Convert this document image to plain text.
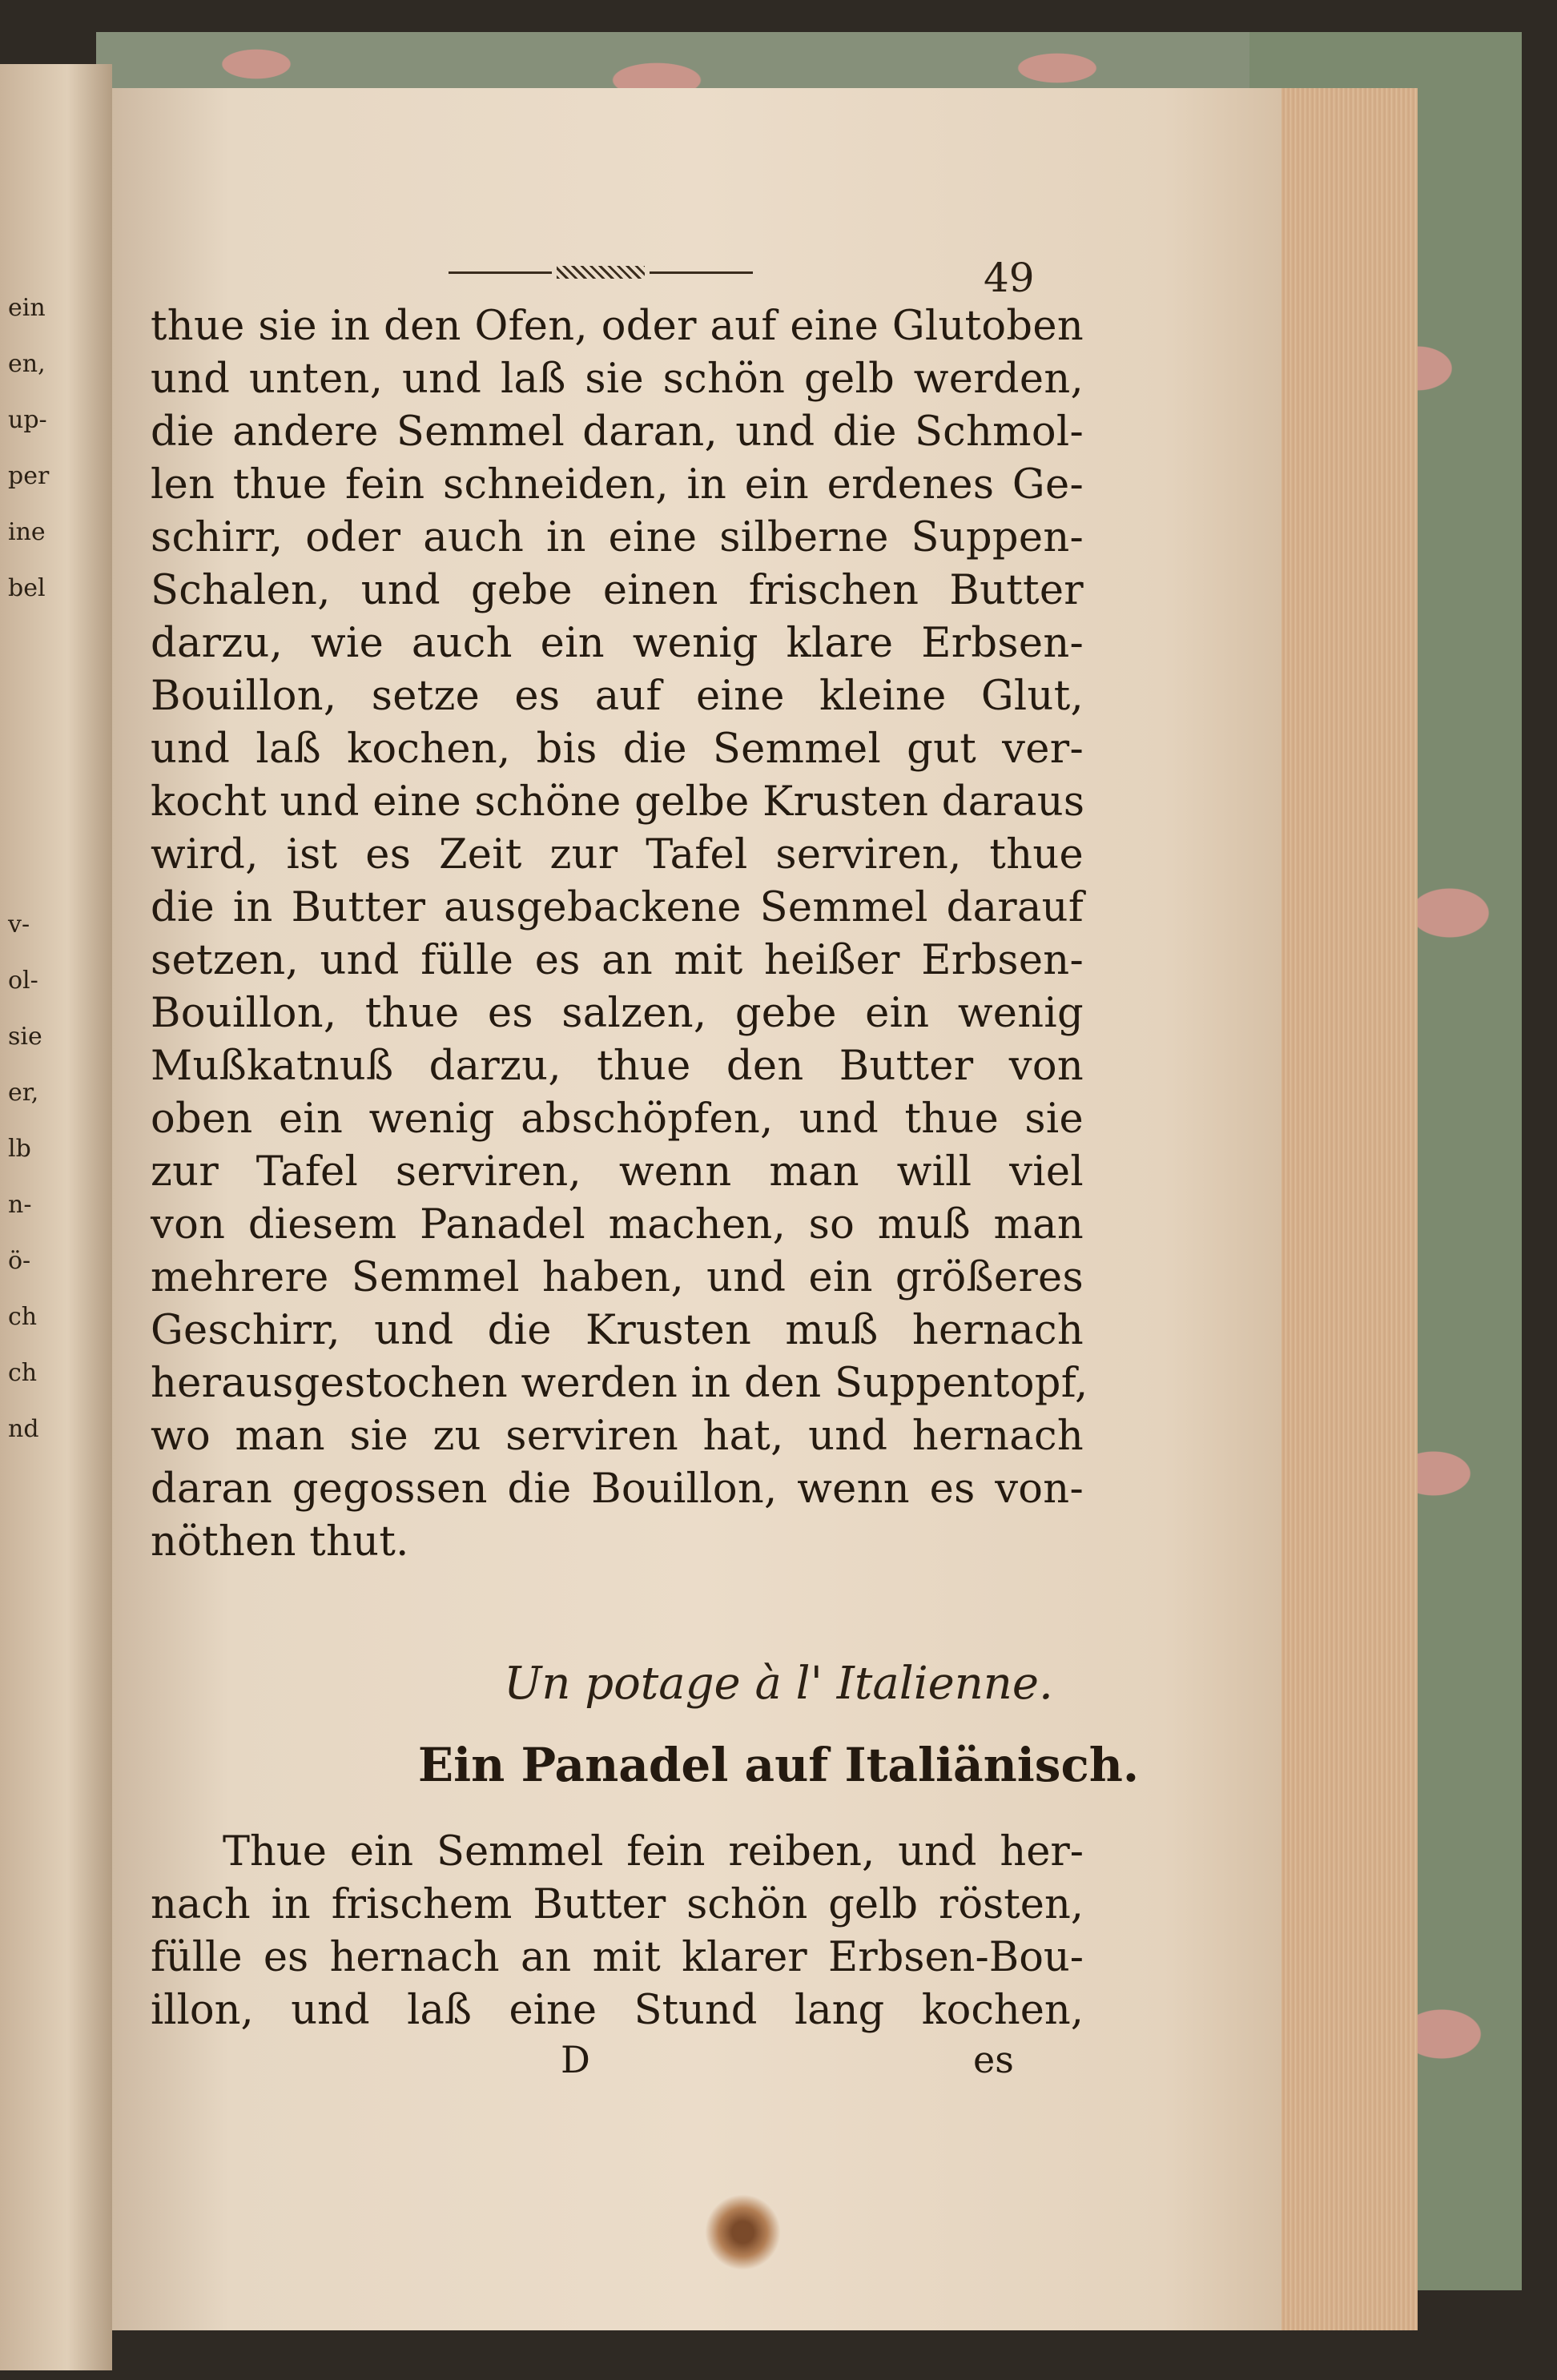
ein
en,
up-
per
ine
bel
v-
ol-
sie
er,
lb
n-
ö-
ch
ch
nd
49
thue sie in den Ofen, oder auf eine Glutoben
und unten, und laß sie schön gelb werden,
die andere Semmel daran, und die Schmol-
len thue fein schneiden, in ein erdenes Ge-
schirr, oder auch in eine silberne Suppen-
Schalen, und gebe einen frischen Butter
darzu, wie auch ein wenig klare Erbsen-
Bouillon, setze es auf eine kleine Glut,
und laß kochen, bis die Semmel gut ver-
kocht und eine schöne gelbe Krusten daraus
wird, ist es Zeit zur Tafel serviren, thue
die in Butter ausgebackene Semmel darauf
setzen, und fülle es an mit heißer Erbsen-
Bouillon, thue es salzen, gebe ein wenig
Mußkatnuß darzu, thue den Butter von
oben ein wenig abschöpfen, und thue sie
zur Tafel serviren, wenn man will viel
von diesem Panadel machen, so muß man
mehrere Semmel haben, und ein größeres
Geschirr, und die Krusten muß hernach
herausgestochen werden in den Suppentopf,
wo man sie zu serviren hat, und hernach
daran gegossen die Bouillon, wenn es von-
nöthen thut.
Un potage à l' Italienne.
Ein Panadel auf Italiänisch.
Thue ein Semmel fein reiben, und her-
nach in frischem Butter schön gelb rösten,
fülle es hernach an mit klarer Erbsen-Bou-
illon, und laß eine Stund lang kochen,
D	es
